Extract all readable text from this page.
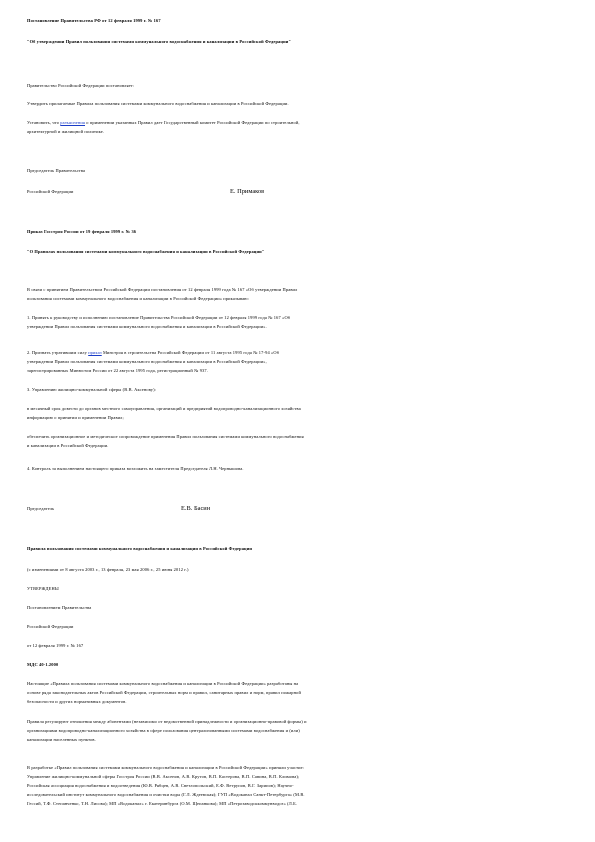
Постановление Правительства РФ от 12 февраля 1999 г. № 167
"Об утверждении Правил пользования системами коммунального водоснабжения и канализации в Российской Федерации"
Правительство Российской Федерации постановляет:
Утвердить прилагаемые Правила пользования системами коммунального водоснабжения и канализации в Российской Федерации.
Установить, что разъяснения о применении указанных Правил дает Государственный комитет Российской Федерации по строительной,
архитектурной и жилищной политике.
Председатель Правительства
Российской Федерации	Е. Примаков
Приказ Госстроя России от 19 февраля 1999 г. № 36
"О Правилах пользования системами коммунального водоснабжения и канализации в Российской Федерации"
В связи с принятием Правительством Российской Федерации постановления от 12 февраля 1999 года № 167 «Об утверждении Правил
пользования системами коммунального водоснабжения и канализации в Российской Федерации» приказываю:
1. Принять к руководству и исполнению постановление Правительства Российской Федерации от 12 февраля 1999 года № 167 «Об
утверждении Правил пользования системами коммунального водоснабжения и канализации в Российской Федерации».
2. Признать утратившим силу приказ Минстроя в строительства Российской Федерации от 11 августа 1995 года № 17-94 «Об
утверждении Правил пользования системами коммунального водоснабжения и канализации в Российской Федерации»,
зарегистрированных Минюстом России от 22 августа 1995 года, регистрационный № 937.
3. Управлению жилищно-коммунальной сферы (В.В. Аксенову):
в месячный срок довести до органов местного самоуправления, организаций и предприятий водопроводно-канализационного хозяйства
информацию о принятии и применении Правил;
обеспечить организационное и методическое сопровождение применения Правил пользования системами коммунального водоснабжения
и канализации в Российской Федерации.
4. Контроль за выполнением настоящего приказа возложить на заместителя Председателя Л.Н. Чернышова.
Председатель	Е.В. Басин
Правила пользования системами коммунального водоснабжения и канализации в Российской Федерации
(с изменениями от 8 августа 2003 г., 13 февраля, 23 мая 2006 г., 25 июня 2012 г.)
УТВЕРЖДЕНЫ
Постановлением Правительства
Российской Федерации
от 12 февраля 1999 г. № 167
МДС 40-1.2000
Настоящие «Правила пользования системами коммунального водоснабжения и канализации в Российской Федерации» разработаны на
основе ряда законодательных актов Российской Федерации, строительных норм и правил, санитарных правил и норм, правил пожарной
безопасности и других нормативных документов.
Правила регулируют отношения между абонентами (независимо от ведомственной принадлежности и организационно-правовой формы) и
организациями водопроводно-канализационного хозяйства в сфере пользования централизованными системами водоснабжения и (или)
канализации населенных пунктов.
В разработке «Правил пользования системами коммунального водоснабжения и канализации в Российской Федерации» приняли участие:
Управление жилищно-коммунальной сферы Госстроя России (В.В. Аксенов, А.В. Крутов, В.П. Кастерова, В.П. Савина, В.П. Климова);
Российская ассоциация водоснабжения и водоотведения (Ю.В. Рябцев, А.В. Светлопольский, Е.Ф. Ветрупов, В.Г. Зарипов); Научно-
исследовательский институт коммунального водоснабжения и очистки воды (Г.Л. Ждеевская); ГУП «Водоканал Санкт-Петербурга» (М.В.
Гессий, Т.Ф. Степанченко, Т.Н. Лисова); МП «Водоканал» г. Екатеринбурга (О.М. Щепанкова); МП «Петрозаводсккоммунводоз» (Л.Б.
